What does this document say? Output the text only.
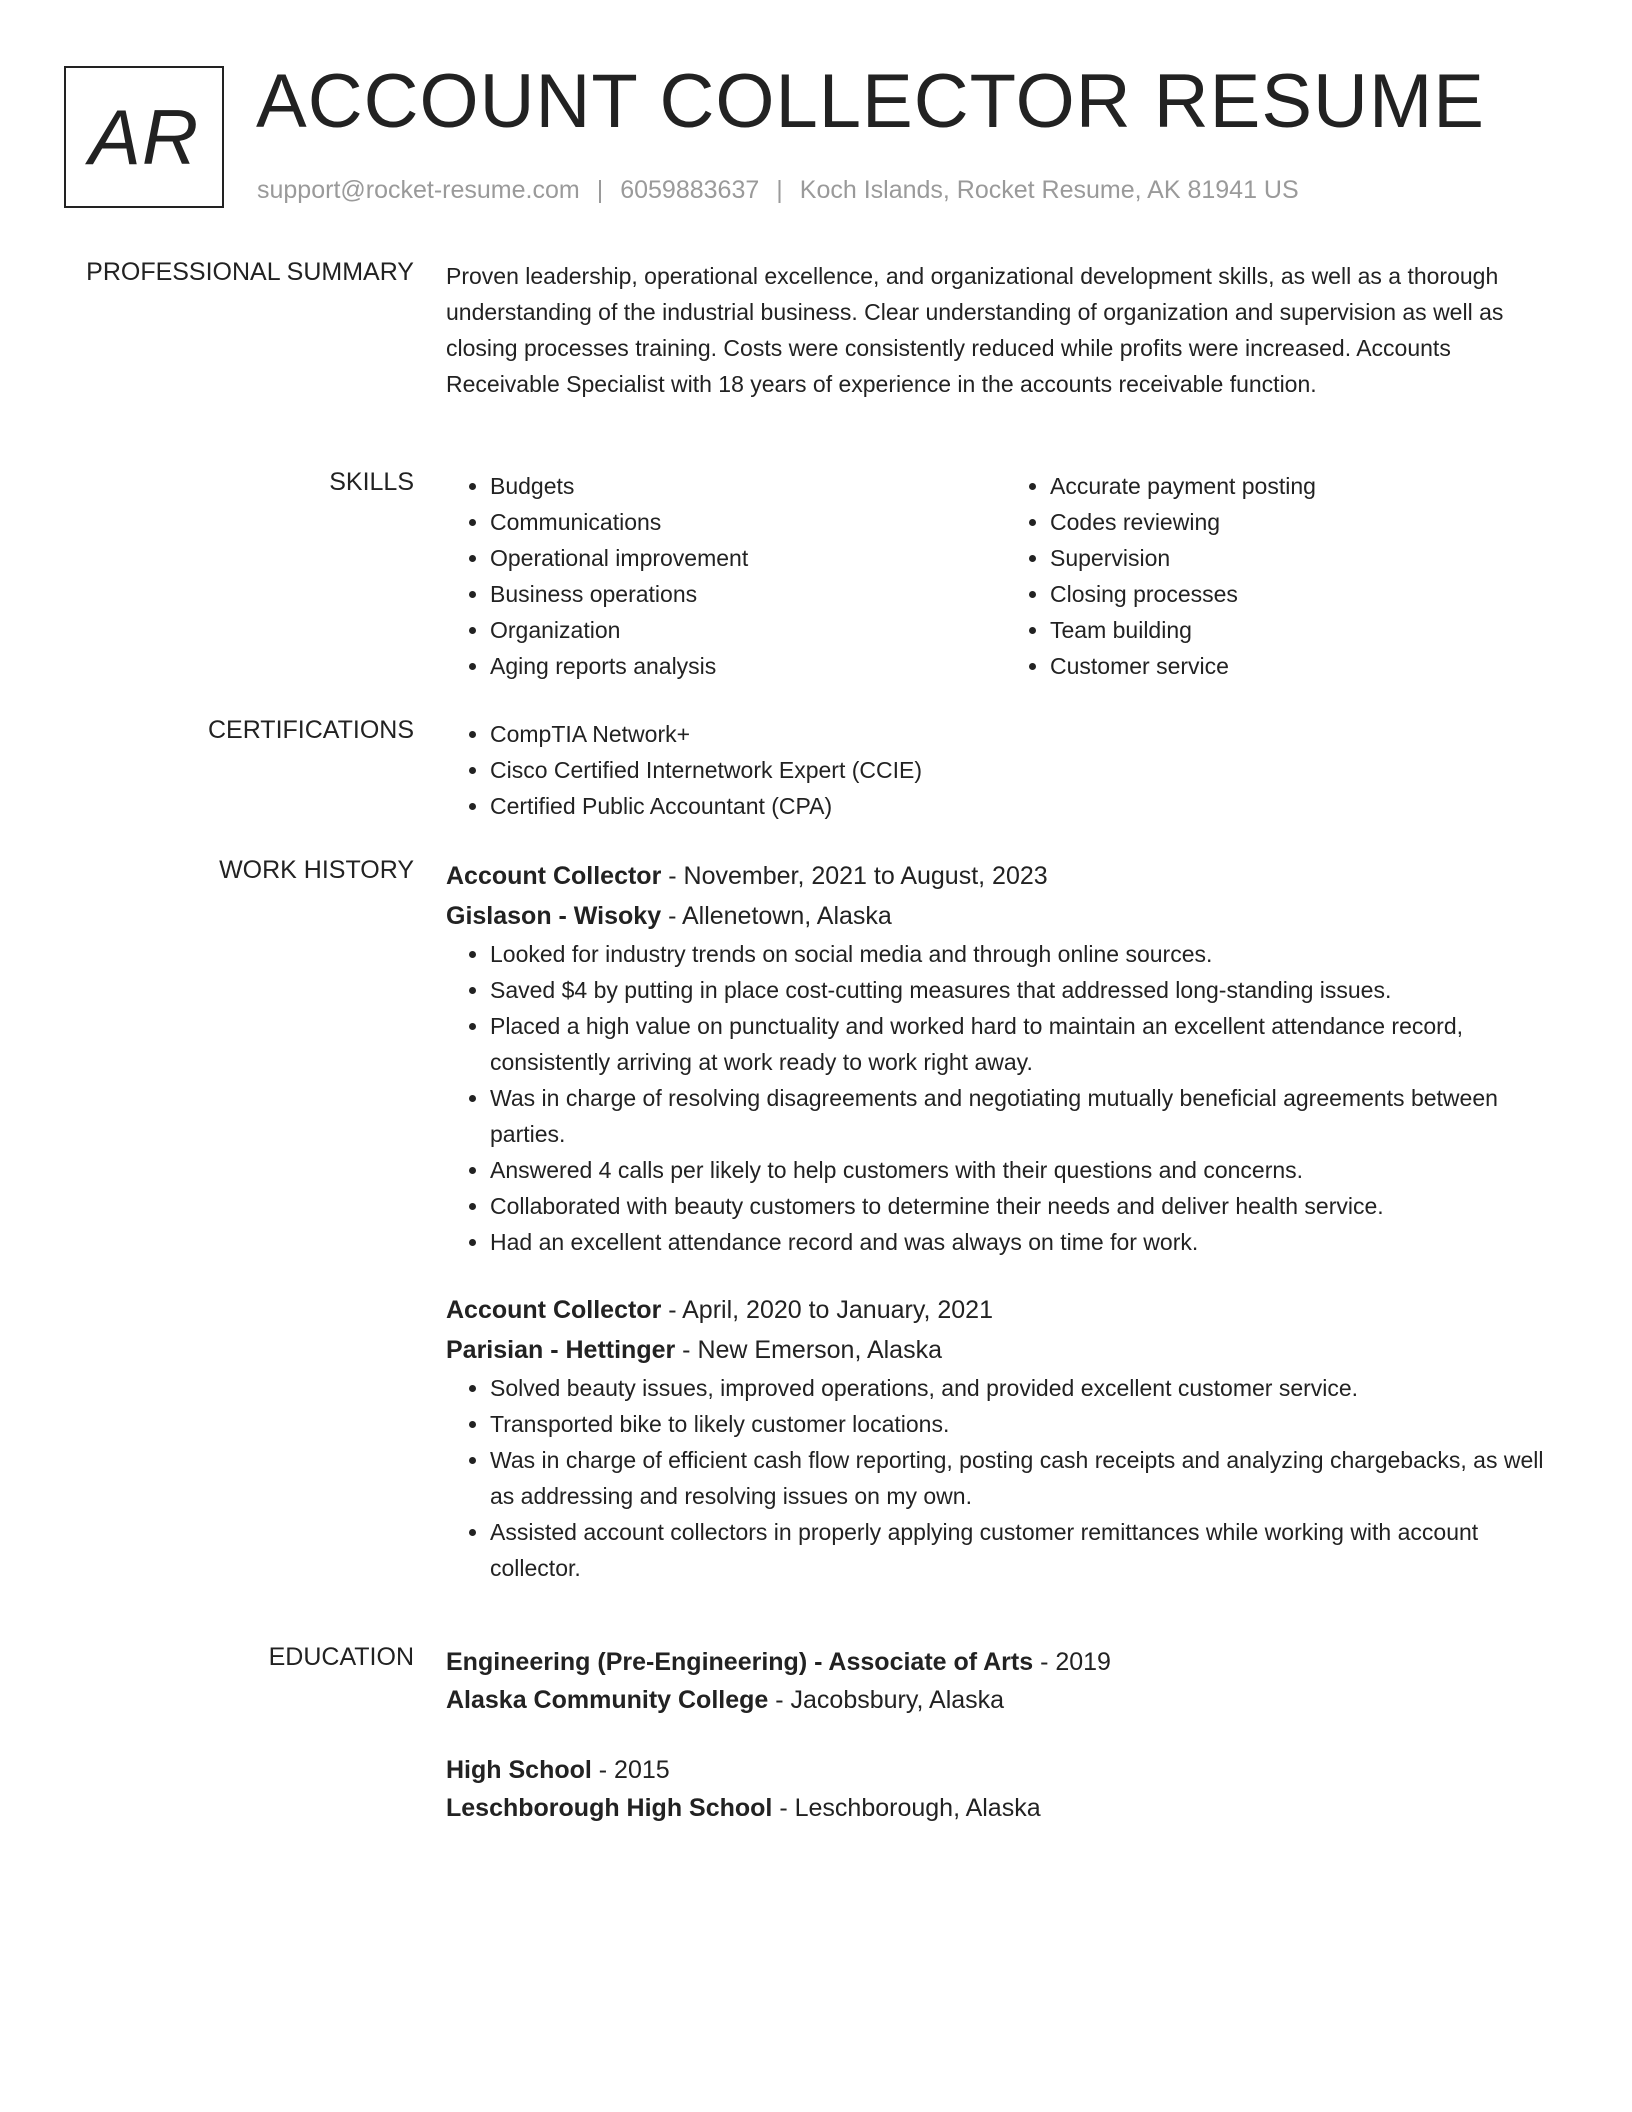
AR ACCOUNT COLLECTOR RESUME
support@rocket-resume.com | 6059883637 | Koch Islands, Rocket Resume, AK 81941 US
PROFESSIONAL SUMMARY Proven leadership, operational excellence, and organizational development skills, as well as a thorough understanding of the industrial business. Clear understanding of organization and supervision as well as closing processes training. Costs were consistently reduced while profits were increased. Accounts Receivable Specialist with 18 years of experience in the accounts receivable function.
SKILLS	• Budgets
• Communications
• Operational improvement
• Business operations
• Organization
• Aging reports analysis
• Accurate payment posting
• Codes reviewing
• Supervision
• Closing processes
• Team building
• Customer service
CERTIFICATIONS	• CompTIA Network+
• Cisco Certified Internetwork Expert (CCIE)
• Certified Public Accountant (CPA)
WORK HISTORY Account Collector - November, 2021 to August, 2023
Gislason - Wisoky - Allenetown, Alaska
• Looked for industry trends on social media and through online sources.
• Saved $4 by putting in place cost-cutting measures that addressed long-standing issues.
• Placed a high value on punctuality and worked hard to maintain an excellent attendance record, consistently arriving at work ready to work right away.
• Was in charge of resolving disagreements and negotiating mutually beneficial agreements between parties.
• Answered 4 calls per likely to help customers with their questions and concerns.
• Collaborated with beauty customers to determine their needs and deliver health service.
• Had an excellent attendance record and was always on time for work.
Account Collector - April, 2020 to January, 2021
Parisian - Hettinger - New Emerson, Alaska
• Solved beauty issues, improved operations, and provided excellent customer service.
• Transported bike to likely customer locations.
• Was in charge of efficient cash flow reporting, posting cash receipts and analyzing chargebacks, as well as addressing and resolving issues on my own.
• Assisted account collectors in properly applying customer remittances while working with account collector.
EDUCATION Engineering (Pre-Engineering) - Associate of Arts - 2019
Alaska Community College - Jacobsbury, Alaska
High School - 2015
Leschborough High School - Leschborough, Alaska
